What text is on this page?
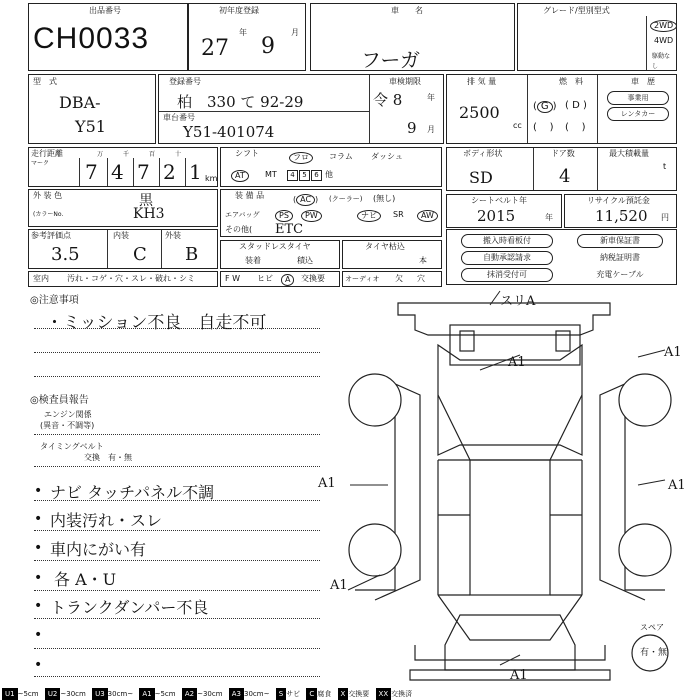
出品番号
CH0033
初年度登録
27
年
9
月
車　　名
フーガ
グレード/型別型式
2WD
4WD
駆動なし
型　式
DBA-
Y51
登録番号
柏　330 て 92-29
車台番号
Y51-401074
車検期限
令 8	年
9 月
排 気 量
2500
cc
燃　料
( G ) ( D )
(    ) (    )
車　歴
事業用
レンタカー
走行距離
マーク
万	千	百	十
7 4 7 2 1 km
シフト	フロ	コラム ダッシュ
AT	MT	4 5 6 他
ボディ形状
SD
ドア数
4
最大積載量
t
外 装 色	黒
(カラーNo.	KH3
装 備 品	( AC ) (クーラー) (無し)
エアバッグ	PS	PW	ナビ	SR	AW
その他( ETC
シートベルト年
2015	年
リサイクル預託金
11,520 円
参考評価点
3.5
内装
C
外装
B	スタッドレスタイヤ
装着	積込
タイヤ枯込
本
搬入時看板付	新車保証書
自動承認請求	納税証明書
抹消受付可	充電ケーブル
室内 汚れ・コゲ・穴・スレ・破れ・シミ	F W ヒビ	A	交換要	オーディオ 欠 穴
◎注意事項
・ミッション不良　自走不可
◎検査員報告
エンジン関係
(異音・不調等)
タイミングベルト
交換　有・無
• ナビ タッチパネル不調
• 内装汚れ・スレ
• 車内にがい有
• 各 A・U
• トランクダンパー不良
•
•
スリA
A1
A1
A1	A1
A1
A1
スペア
有・無
U1 ~5cm U2 ~30cm U3 30cm~ A1 ~5cm A2 ~30cm A3 30cm~ S サビ C 腐食 X 交換要 XX 交換済
